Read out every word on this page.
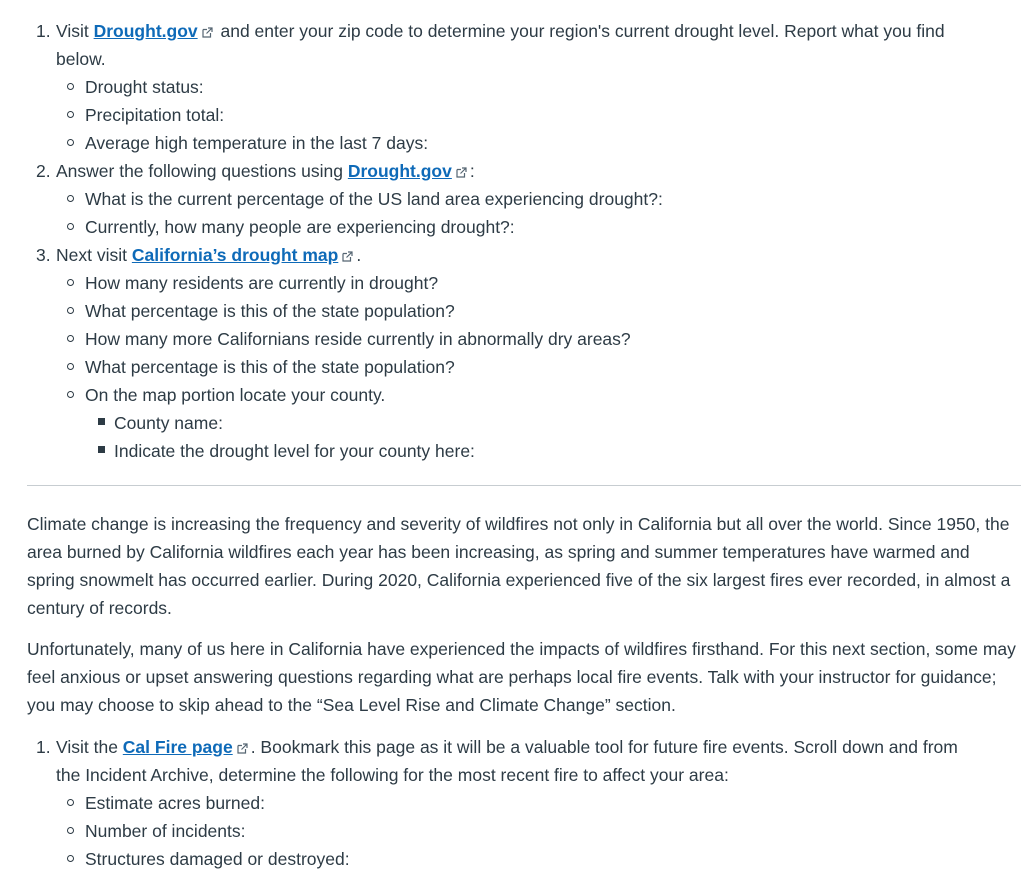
1. Visit Drought.gov
and enter your zip code to determine your region's current drought level. Report what you find
below.
Drought status:
Precipitation total:
Average high temperature in the last 7 days:
2. Answer the following questions using Drought.gov :
What is the current percentage of the US land area experiencing drought?:
Currently, how many people are experiencing drought?:
3. Next visit California’s drought map .
How many residents are currently in drought?
What percentage is this of the state population?
How many more Californians reside currently in abnormally dry areas?
What percentage is this of the state population?
On the map portion locate your county.
County name:
Indicate the drought level for your county here:

Climate change is increasing the frequency and severity of wildfires not only in California but all over the world. Since 1950, the area burned by California wildfires each year has been increasing, as spring and summer temperatures have warmed and spring snowmelt has occurred earlier. During 2020, California experienced five of the six largest fires ever recorded, in almost a century of records.

Unfortunately, many of us here in California have experienced the impacts of wildfires firsthand. For this next section, some may feel anxious or upset answering questions regarding what are perhaps local fire events. Talk with your instructor for guidance; you may choose to skip ahead to the “Sea Level Rise and Climate Change” section.

1. Visit the Cal Fire page . Bookmark this page as it will be a valuable tool for future fire events. Scroll down and from
the Incident Archive, determine the following for the most recent fire to affect your area:
Estimate acres burned:
Number of incidents:
Structures damaged or destroyed:
